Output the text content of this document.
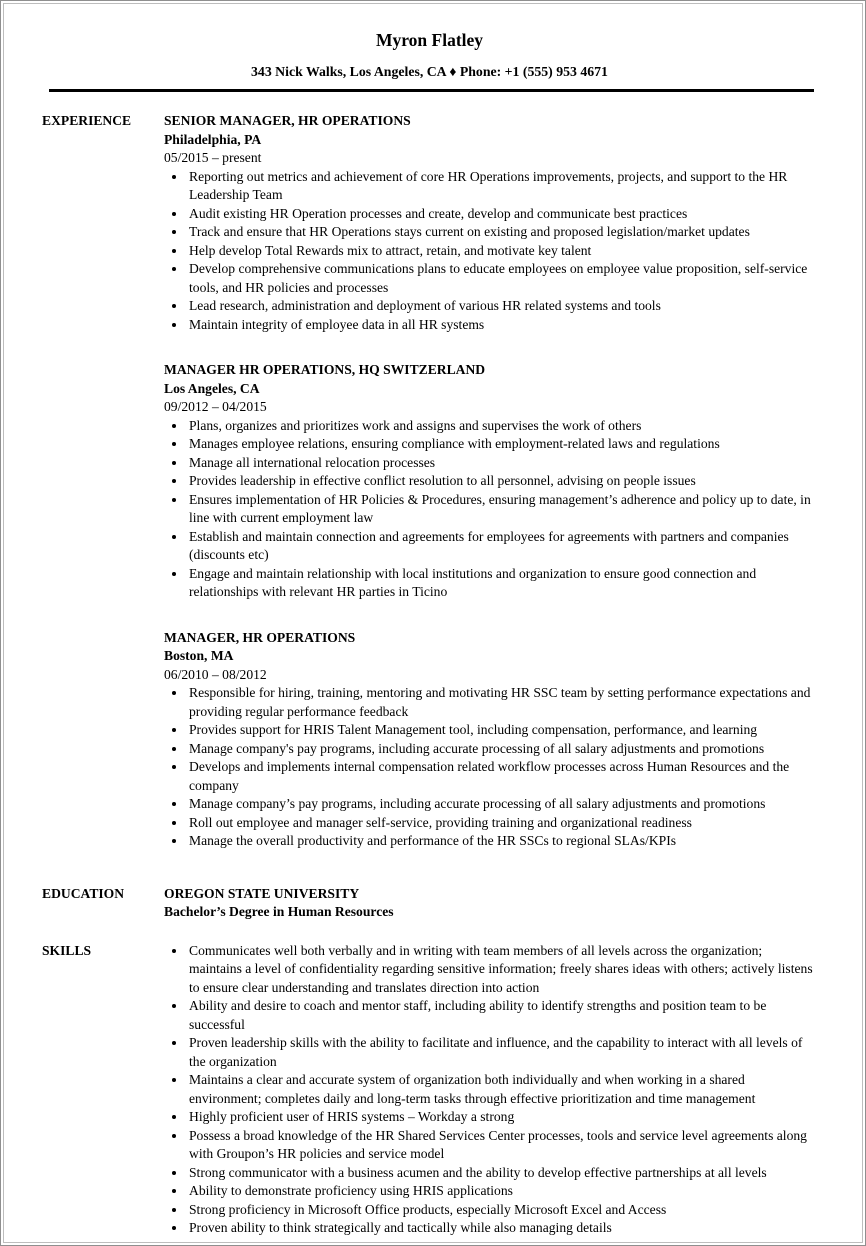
Myron Flatley
343 Nick Walks, Los Angeles, CA ♦ Phone: +1 (555) 953 4671
EXPERIENCE	SENIOR MANAGER, HR OPERATIONS
Philadelphia, PA
05/2015 – present
• Reporting out metrics and achievement of core HR Operations improvements, projects, and support to the HR Leadership Team
• Audit existing HR Operation processes and create, develop and communicate best practices
• Track and ensure that HR Operations stays current on existing and proposed legislation/market updates
• Help develop Total Rewards mix to attract, retain, and motivate key talent
• Develop comprehensive communications plans to educate employees on employee value proposition, self-service tools, and HR policies and processes
• Lead research, administration and deployment of various HR related systems and tools
• Maintain integrity of employee data in all HR systems
MANAGER HR OPERATIONS, HQ SWITZERLAND
Los Angeles, CA
09/2012 – 04/2015
• Plans, organizes and prioritizes work and assigns and supervises the work of others
• Manages employee relations, ensuring compliance with employment-related laws and regulations
• Manage all international relocation processes
• Provides leadership in effective conflict resolution to all personnel, advising on people issues
• Ensures implementation of HR Policies & Procedures, ensuring management’s adherence and policy up to date, in line with current employment law
• Establish and maintain connection and agreements for employees for agreements with partners and companies (discounts etc)
• Engage and maintain relationship with local institutions and organization to ensure good connection and relationships with relevant HR parties in Ticino
MANAGER, HR OPERATIONS
Boston, MA
06/2010 – 08/2012
• Responsible for hiring, training, mentoring and motivating HR SSC team by setting performance expectations and providing regular performance feedback
• Provides support for HRIS Talent Management tool, including compensation, performance, and learning
• Manage company's pay programs, including accurate processing of all salary adjustments and promotions
• Develops and implements internal compensation related workflow processes across Human Resources and the company
• Manage company’s pay programs, including accurate processing of all salary adjustments and promotions
• Roll out employee and manager self-service, providing training and organizational readiness
• Manage the overall productivity and performance of the HR SSCs to regional SLAs/KPIs
EDUCATION	OREGON STATE UNIVERSITY
Bachelor’s Degree in Human Resources
SKILLS	• Communicates well both verbally and in writing with team members of all levels across the organization; maintains a level of confidentiality regarding sensitive information; freely shares ideas with others; actively listens to ensure clear understanding and translates direction into action
• Ability and desire to coach and mentor staff, including ability to identify strengths and position team to be successful
• Proven leadership skills with the ability to facilitate and influence, and the capability to interact with all levels of the organization
• Maintains a clear and accurate system of organization both individually and when working in a shared environment; completes daily and long-term tasks through effective prioritization and time management
• Highly proficient user of HRIS systems – Workday a strong
• Possess a broad knowledge of the HR Shared Services Center processes, tools and service level agreements along with Groupon’s HR policies and service model
• Strong communicator with a business acumen and the ability to develop effective partnerships at all levels
• Ability to demonstrate proficiency using HRIS applications
• Strong proficiency in Microsoft Office products, especially Microsoft Excel and Access
• Proven ability to think strategically and tactically while also managing details
